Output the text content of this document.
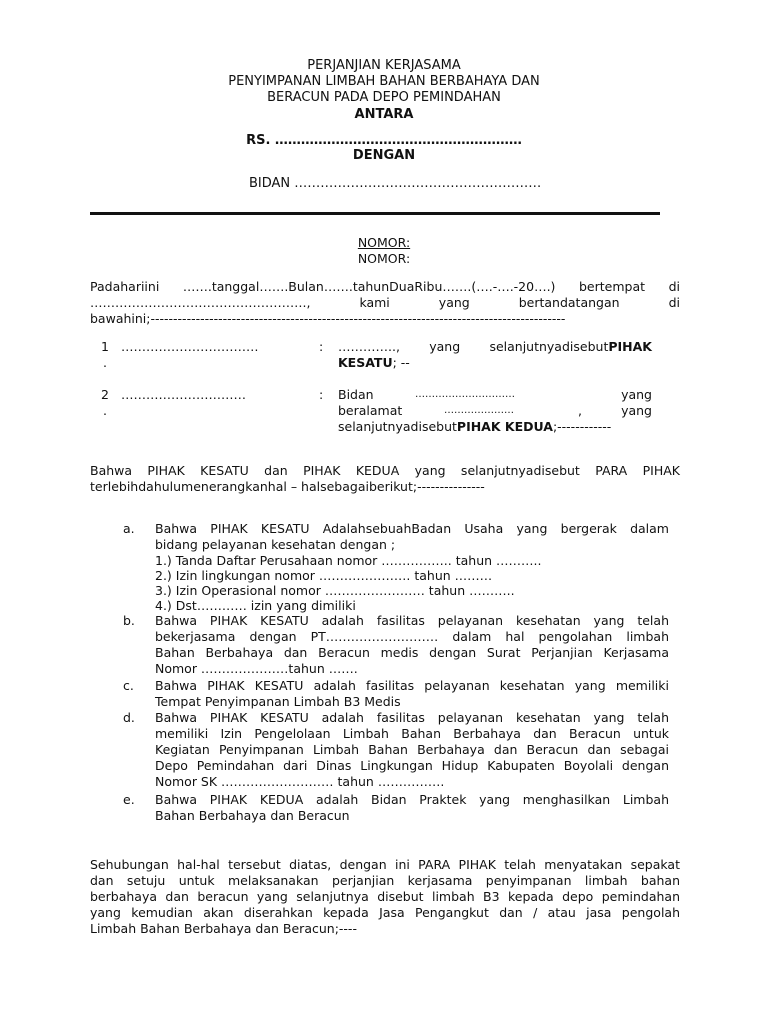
PERJANJIAN KERJASAMA
PENYIMPANAN LIMBAH BAHAN BERBAHAYA DAN
BERACUN PADA DEPO PEMINDAHAN
ANTARA
RS. …………………………………………………
DENGAN
BIDAN …………………………………………………
NOMOR:
NOMOR:
Padahariini …….tanggal…….Bulan…….tahunDuaRibu…….(….-….-20….) bertempat di
…………………………………………….,	kami	yang	bertandatangan	di
bawahini;--------------------------------------------------------------------------------------------
1
.
……………………………	: ………….., yang selanjutnyadisebutPIHAK
KESATU; --
2
.
…………………………	: Bidan	…………………………	yang
beralamat	…………………	,	yang
selanjutnyadisebutPIHAK KEDUA;------------
Bahwa PIHAK KESATU dan PIHAK KEDUA yang selanjutnyadisebut PARA PIHAK
terlebihdahulumenerangkanhal – halsebagaiberikut;---------------
a. Bahwa PIHAK KESATU AdalahsebuahBadan Usaha yang bergerak dalam
bidang pelayanan kesehatan dengan ;
1.) Tanda Daftar Perusahaan nomor …………….. tahun ………..
2.) Izin lingkungan nomor …………………. tahun ………
3.) Izin Operasional nomor …………………… tahun ………..
4.) Dst………… izin yang dimiliki
b. Bahwa PIHAK KESATU adalah fasilitas pelayanan kesehatan yang telah
bekerjasama dengan PT……………………… dalam hal pengolahan limbah
Bahan Berbahaya dan Beracun medis dengan Surat Perjanjian Kerjasama
Nomor …………………tahun …….
c. Bahwa PIHAK KESATU adalah fasilitas pelayanan kesehatan yang memiliki
Tempat Penyimpanan Limbah B3 Medis
d. Bahwa PIHAK KESATU adalah fasilitas pelayanan kesehatan yang telah
memiliki Izin Pengelolaan Limbah Bahan Berbahaya dan Beracun untuk
Kegiatan Penyimpanan Limbah Bahan Berbahaya dan Beracun dan sebagai
Depo Pemindahan dari Dinas Lingkungan Hidup Kabupaten Boyolali dengan
Nomor SK ……………………… tahun …………….
e. Bahwa PIHAK KEDUA adalah Bidan Praktek yang menghasilkan Limbah
Bahan Berbahaya dan Beracun
Sehubungan hal-hal tersebut diatas, dengan ini PARA PIHAK telah menyatakan sepakat
dan setuju untuk melaksanakan perjanjian kerjasama penyimpanan limbah bahan
berbahaya dan beracun yang selanjutnya disebut limbah B3 kepada depo pemindahan
yang kemudian akan diserahkan kepada Jasa Pengangkut dan / atau jasa pengolah
Limbah Bahan Berbahaya dan Beracun;----
